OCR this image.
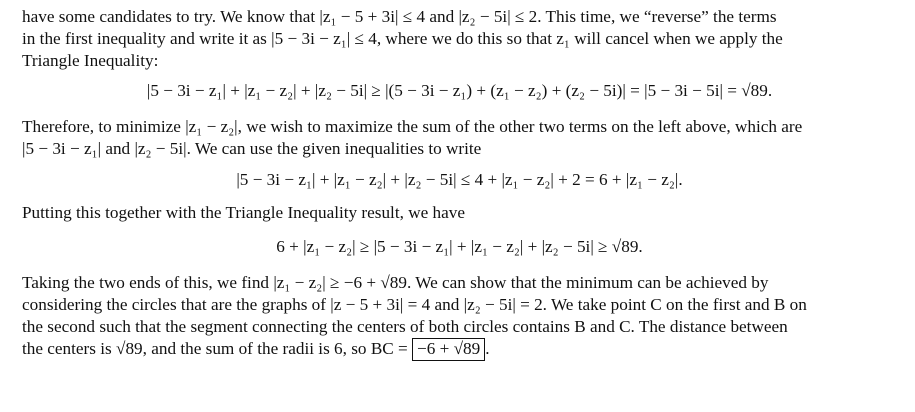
have some candidates to try. We know that |z₁ − 5 + 3i| ≤ 4 and |z₂ − 5i| ≤ 2. This time, we “reverse” the terms
in the first inequality and write it as |5 − 3i − z₁| ≤ 4, where we do this so that z₁ will cancel when we apply the
Triangle Inequality:

|5 − 3i − z₁| + |z₁ − z₂| + |z₂ − 5i| ≥ |(5 − 3i − z₁) + (z₁ − z₂) + (z₂ − 5i)| = |5 − 3i − 5i| = √89.

Therefore, to minimize |z₁ − z₂|, we wish to maximize the sum of the other two terms on the left above, which are
|5 − 3i − z₁| and |z₂ − 5i|. We can use the given inequalities to write

|5 − 3i − z₁| + |z₁ − z₂| + |z₂ − 5i| ≤ 4 + |z₁ − z₂| + 2 = 6 + |z₁ − z₂|.

Putting this together with the Triangle Inequality result, we have

6 + |z₁ − z₂| ≥ |5 − 3i − z₁| + |z₁ − z₂| + |z₂ − 5i| ≥ √89.

Taking the two ends of this, we find |z₁ − z₂| ≥ −6 + √89. We can show that the minimum can be achieved by
considering the circles that are the graphs of |z − 5 + 3i| = 4 and |z₂ − 5i| = 2. We take point C on the first and B on
the second such that the segment connecting the centers of both circles contains B and C. The distance between
the centers is √89, and the sum of the radii is 6, so BC = −6 + √89 .
